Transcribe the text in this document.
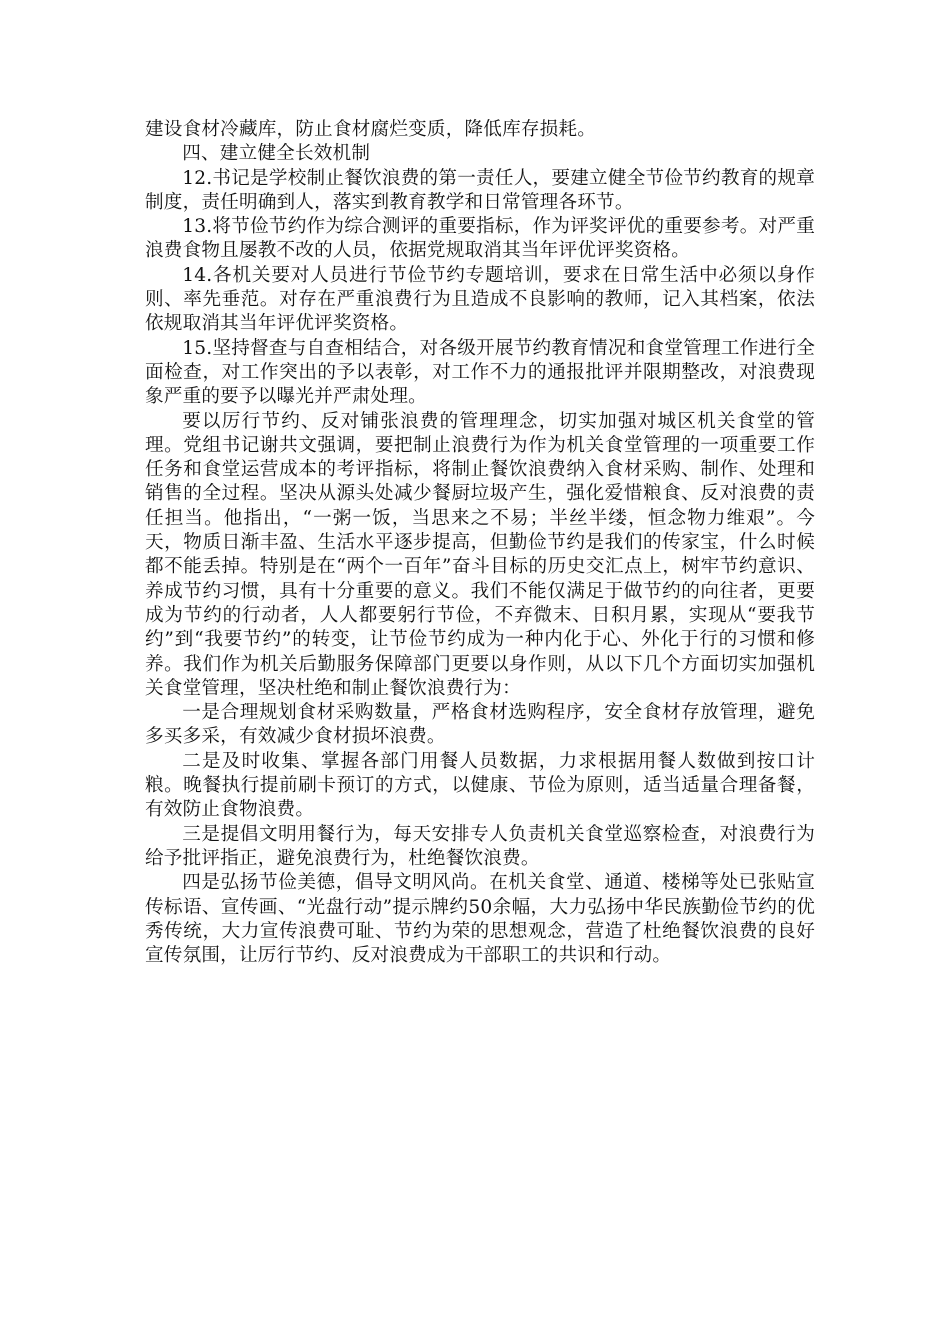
建设食材冷藏库，防止食材腐烂变质，降低库存损耗。

四、建立健全长效机制

12.书记是学校制止餐饮浪费的第一责任人，要建立健全节俭节约教育的规章制度，责任明确到人，落实到教育教学和日常管理各环节。

13.将节俭节约作为综合测评的重要指标，作为评奖评优的重要参考。对严重浪费食物且屡教不改的人员，依据党规取消其当年评优评奖资格。

14.各机关要对人员进行节俭节约专题培训，要求在日常生活中必须以身作则、率先垂范。对存在严重浪费行为且造成不良影响的教师，记入其档案，依法依规取消其当年评优评奖资格。

15.坚持督查与自查相结合，对各级开展节约教育情况和食堂管理工作进行全面检查，对工作突出的予以表彰，对工作不力的通报批评并限期整改，对浪费现象严重的要予以曝光并严肃处理。

要以厉行节约、反对铺张浪费的管理理念，切实加强对城区机关食堂的管理。党组书记谢共文强调，要把制止浪费行为作为机关食堂管理的一项重要工作任务和食堂运营成本的考评指标，将制止餐饮浪费纳入食材采购、制作、处理和销售的全过程。坚决从源头处减少餐厨垃圾产生，强化爱惜粮食、反对浪费的责任担当。他指出，“一粥一饭，当思来之不易；半丝半缕，恒念物力维艰”。今天，物质日渐丰盈、生活水平逐步提高，但勤俭节约是我们的传家宝，什么时候都不能丢掉。特别是在“两个一百年”奋斗目标的历史交汇点上，树牢节约意识、养成节约习惯，具有十分重要的意义。我们不能仅满足于做节约的向往者，更要成为节约的行动者，人人都要躬行节俭，不弃微末、日积月累，实现从“要我节约”到“我要节约”的转变，让节俭节约成为一种内化于心、外化于行的习惯和修养。我们作为机关后勤服务保障部门更要以身作则，从以下几个方面切实加强机关食堂管理，坚决杜绝和制止餐饮浪费行为：

一是合理规划食材采购数量，严格食材选购程序，安全食材存放管理，避免多买多采，有效减少食材损坏浪费。

二是及时收集、掌握各部门用餐人员数据，力求根据用餐人数做到按口计粮。晚餐执行提前刷卡预订的方式，以健康、节俭为原则，适当适量合理备餐，有效防止食物浪费。

三是提倡文明用餐行为，每天安排专人负责机关食堂巡察检查，对浪费行为给予批评指正，避免浪费行为，杜绝餐饮浪费。

四是弘扬节俭美德，倡导文明风尚。在机关食堂、通道、楼梯等处已张贴宣传标语、宣传画、“光盘行动”提示牌约50余幅，大力弘扬中华民族勤俭节约的优秀传统，大力宣传浪费可耻、节约为荣的思想观念，营造了杜绝餐饮浪费的良好宣传氛围，让厉行节约、反对浪费成为干部职工的共识和行动。
